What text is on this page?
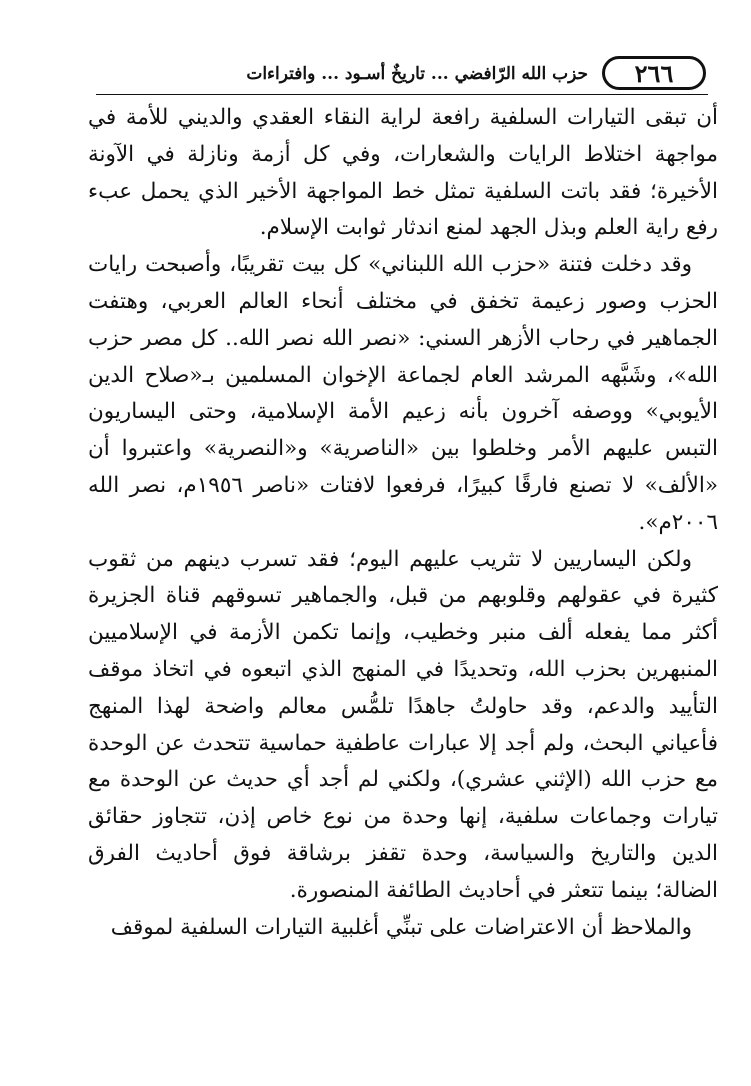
٢٦٦
حزب الله الرّافضي ... تاريخٌ أسـود ... وافتراءات

أن تبقى التيارات السلفية رافعة لراية النقاء العقدي والديني للأمة في مواجهة اختلاط الرايات والشعارات، وفي كل أزمة ونازلة في الآونة الأخيرة؛ فقد باتت السلفية تمثل خط المواجهة الأخير الذي يحمل عبء رفع راية العلم وبذل الجهد لمنع اندثار ثوابت الإسلام.

وقد دخلت فتنة «حزب الله اللبناني» كل بيت تقريبًا، وأصبحت رايات الحزب وصور زعيمة تخفق في مختلف أنحاء العالم العربي، وهتفت الجماهير في رحاب الأزهر السني: «نصر الله نصر الله.. كل مصر حزب الله»، وشَبَّهه المرشد العام لجماعة الإخوان المسلمين بـ«صلاح الدين الأيوبي» ووصفه آخرون بأنه زعيم الأمة الإسلامية، وحتى اليساريون التبس عليهم الأمر وخلطوا بين «الناصرية» و«النصرية» واعتبروا أن «الألف» لا تصنع فارقًا كبيرًا، فرفعوا لافتات «ناصر ١٩٥٦م، نصر الله ٢٠٠٦م».

ولكن اليساريين لا تثريب عليهم اليوم؛ فقد تسرب دينهم من ثقوب كثيرة في عقولهم وقلوبهم من قبل، والجماهير تسوقهم قناة الجزيرة أكثر مما يفعله ألف منبر وخطيب، وإنما تكمن الأزمة في الإسلاميين المنبهرين بحزب الله، وتحديدًا في المنهج الذي اتبعوه في اتخاذ موقف التأييد والدعم، وقد حاولتُ جاهدًا تلمُّس معالم واضحة لهذا المنهج فأعياني البحث، ولم أجد إلا عبارات عاطفية حماسية تتحدث عن الوحدة مع حزب الله (الإثني عشري)، ولكني لم أجد أي حديث عن الوحدة مع تيارات وجماعات سلفية، إنها وحدة من نوع خاص إذن، تتجاوز حقائق الدين والتاريخ والسياسة، وحدة تقفز برشاقة فوق أحاديث الفرق الضالة؛ بينما تتعثر في أحاديث الطائفة المنصورة.

والملاحظ أن الاعتراضات على تبنِّي أغلبية التيارات السلفية لموقف
